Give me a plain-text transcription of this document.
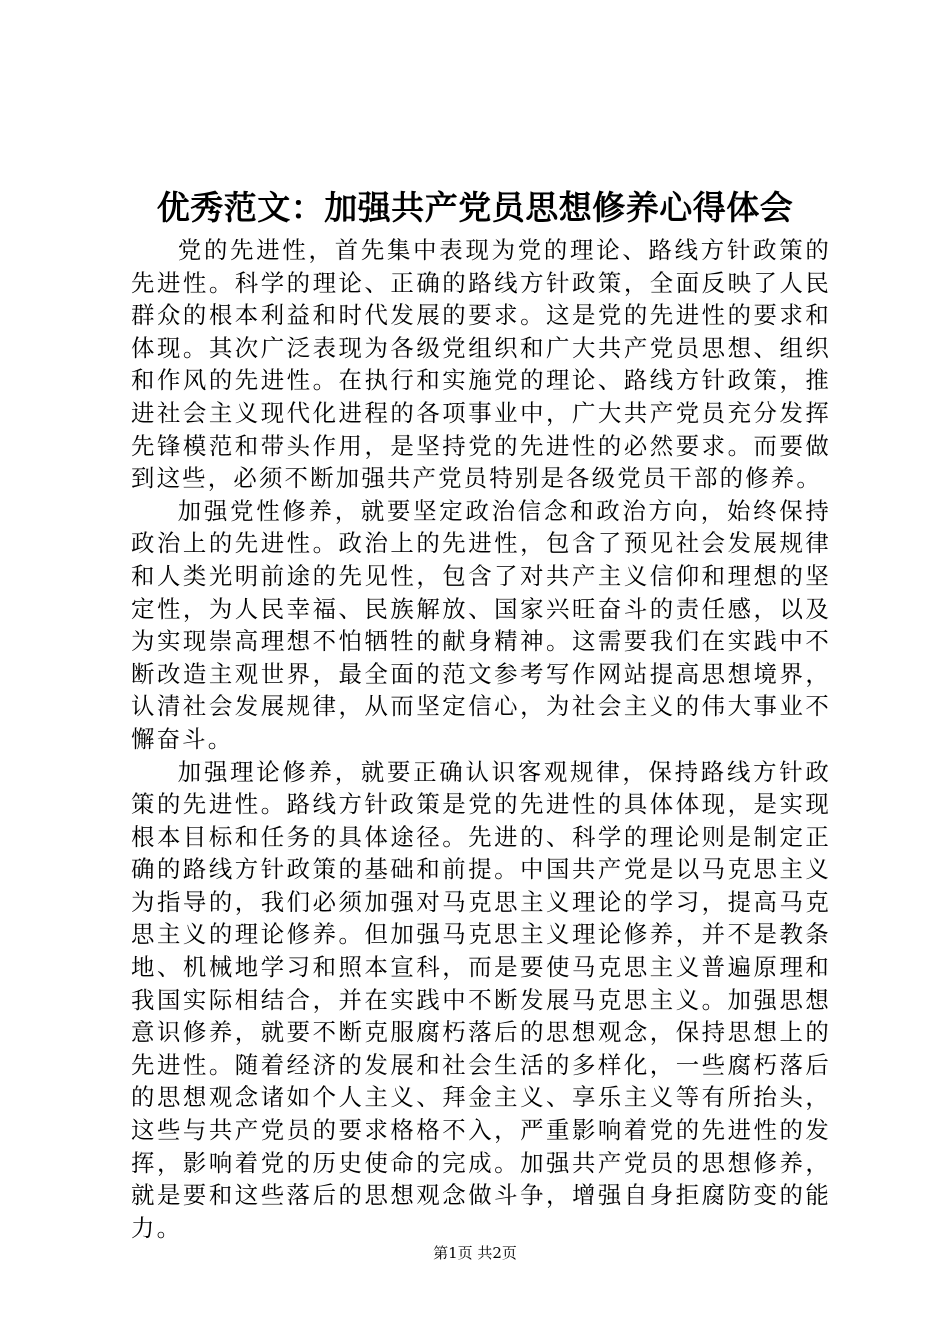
优秀范文：加强共产党员思想修养心得体会

党的先进性，首先集中表现为党的理论、路线方针政策的先进性。科学的理论、正确的路线方针政策，全面反映了人民群众的根本利益和时代发展的要求。这是党的先进性的要求和体现。其次广泛表现为各级党组织和广大共产党员思想、组织和作风的先进性。在执行和实施党的理论、路线方针政策，推进社会主义现代化进程的各项事业中，广大共产党员充分发挥先锋模范和带头作用，是坚持党的先进性的必然要求。而要做到这些，必须不断加强共产党员特别是各级党员干部的修养。

加强党性修养，就要坚定政治信念和政治方向，始终保持政治上的先进性。政治上的先进性，包含了预见社会发展规律和人类光明前途的先见性，包含了对共产主义信仰和理想的坚定性，为人民幸福、民族解放、国家兴旺奋斗的责任感，以及为实现崇高理想不怕牺牲的献身精神。这需要我们在实践中不断改造主观世界，最全面的范文参考写作网站提高思想境界，认清社会发展规律，从而坚定信心，为社会主义的伟大事业不懈奋斗。

加强理论修养，就要正确认识客观规律，保持路线方针政策的先进性。路线方针政策是党的先进性的具体体现，是实现根本目标和任务的具体途径。先进的、科学的理论则是制定正确的路线方针政策的基础和前提。中国共产党是以马克思主义为指导的，我们必须加强对马克思主义理论的学习，提高马克思主义的理论修养。但加强马克思主义理论修养，并不是教条地、机械地学习和照本宣科，而是要使马克思主义普遍原理和我国实际相结合，并在实践中不断发展马克思主义。加强思想意识修养，就要不断克服腐朽落后的思想观念，保持思想上的先进性。随着经济的发展和社会生活的多样化，一些腐朽落后的思想观念诸如个人主义、拜金主义、享乐主义等有所抬头，这些与共产党员的要求格格不入，严重影响着党的先进性的发挥，影响着党的历史使命的完成。加强共产党员的思想修养，就是要和这些落后的思想观念做斗争，增强自身拒腐防变的能力。

第1页 共2页
